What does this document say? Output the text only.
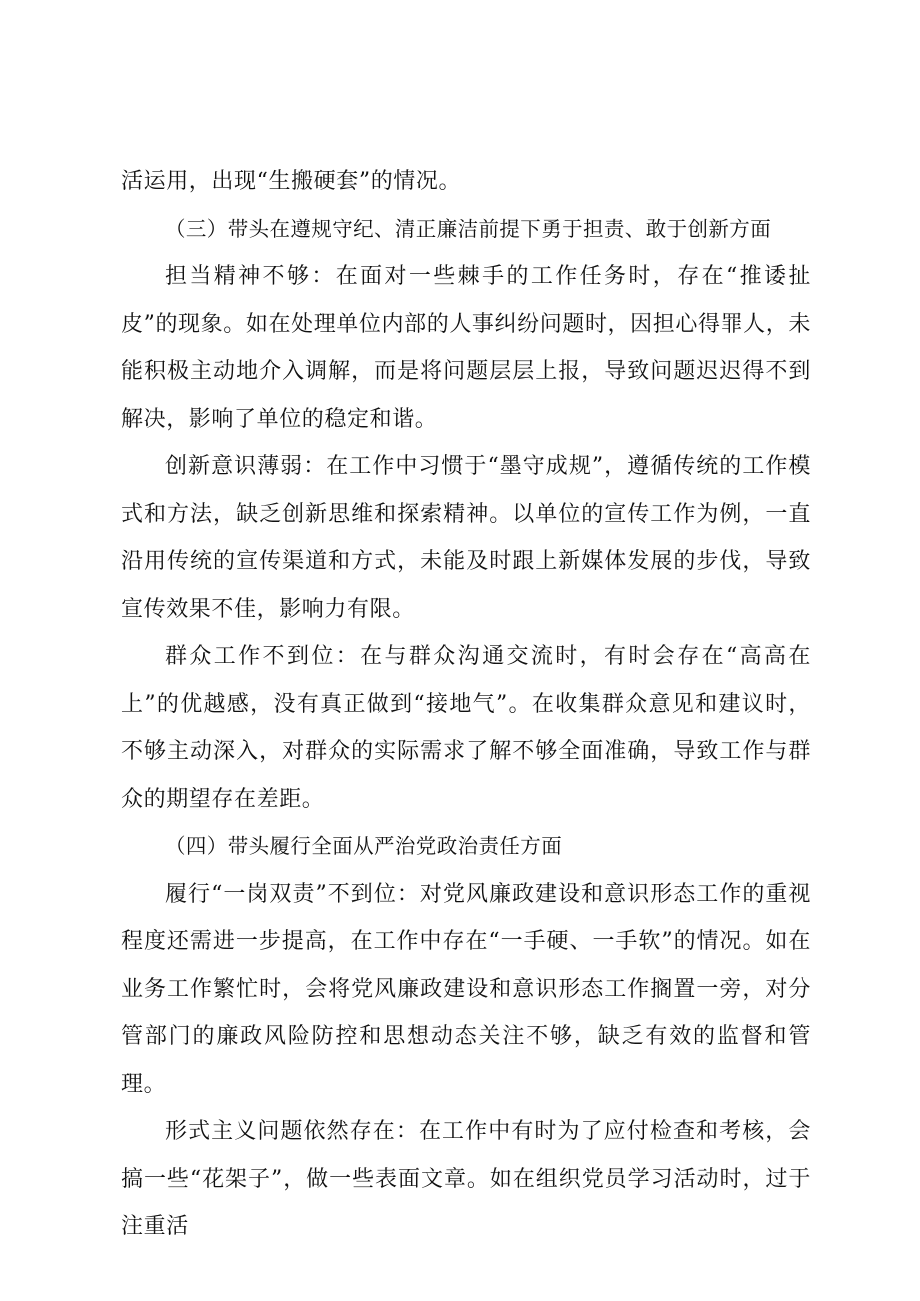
活运用，出现“生搬硬套”的情况。

（三）带头在遵规守纪、清正廉洁前提下勇于担责、敢于创新方面

担当精神不够：在面对一些棘手的工作任务时，存在“推诿扯皮”的现象。如在处理单位内部的人事纠纷问题时，因担心得罪人，未能积极主动地介入调解，而是将问题层层上报，导致问题迟迟得不到解决，影响了单位的稳定和谐。

创新意识薄弱：在工作中习惯于“墨守成规”，遵循传统的工作模式和方法，缺乏创新思维和探索精神。以单位的宣传工作为例，一直沿用传统的宣传渠道和方式，未能及时跟上新媒体发展的步伐，导致宣传效果不佳，影响力有限。

群众工作不到位：在与群众沟通交流时，有时会存在“高高在上”的优越感，没有真正做到“接地气”。在收集群众意见和建议时，不够主动深入，对群众的实际需求了解不够全面准确，导致工作与群众的期望存在差距。

（四）带头履行全面从严治党政治责任方面

履行“一岗双责”不到位：对党风廉政建设和意识形态工作的重视程度还需进一步提高，在工作中存在“一手硬、一手软”的情况。如在业务工作繁忙时，会将党风廉政建设和意识形态工作搁置一旁，对分管部门的廉政风险防控和思想动态关注不够，缺乏有效的监督和管理。

形式主义问题依然存在：在工作中有时为了应付检查和考核，会搞一些“花架子”，做一些表面文章。如在组织党员学习活动时，过于注重活
